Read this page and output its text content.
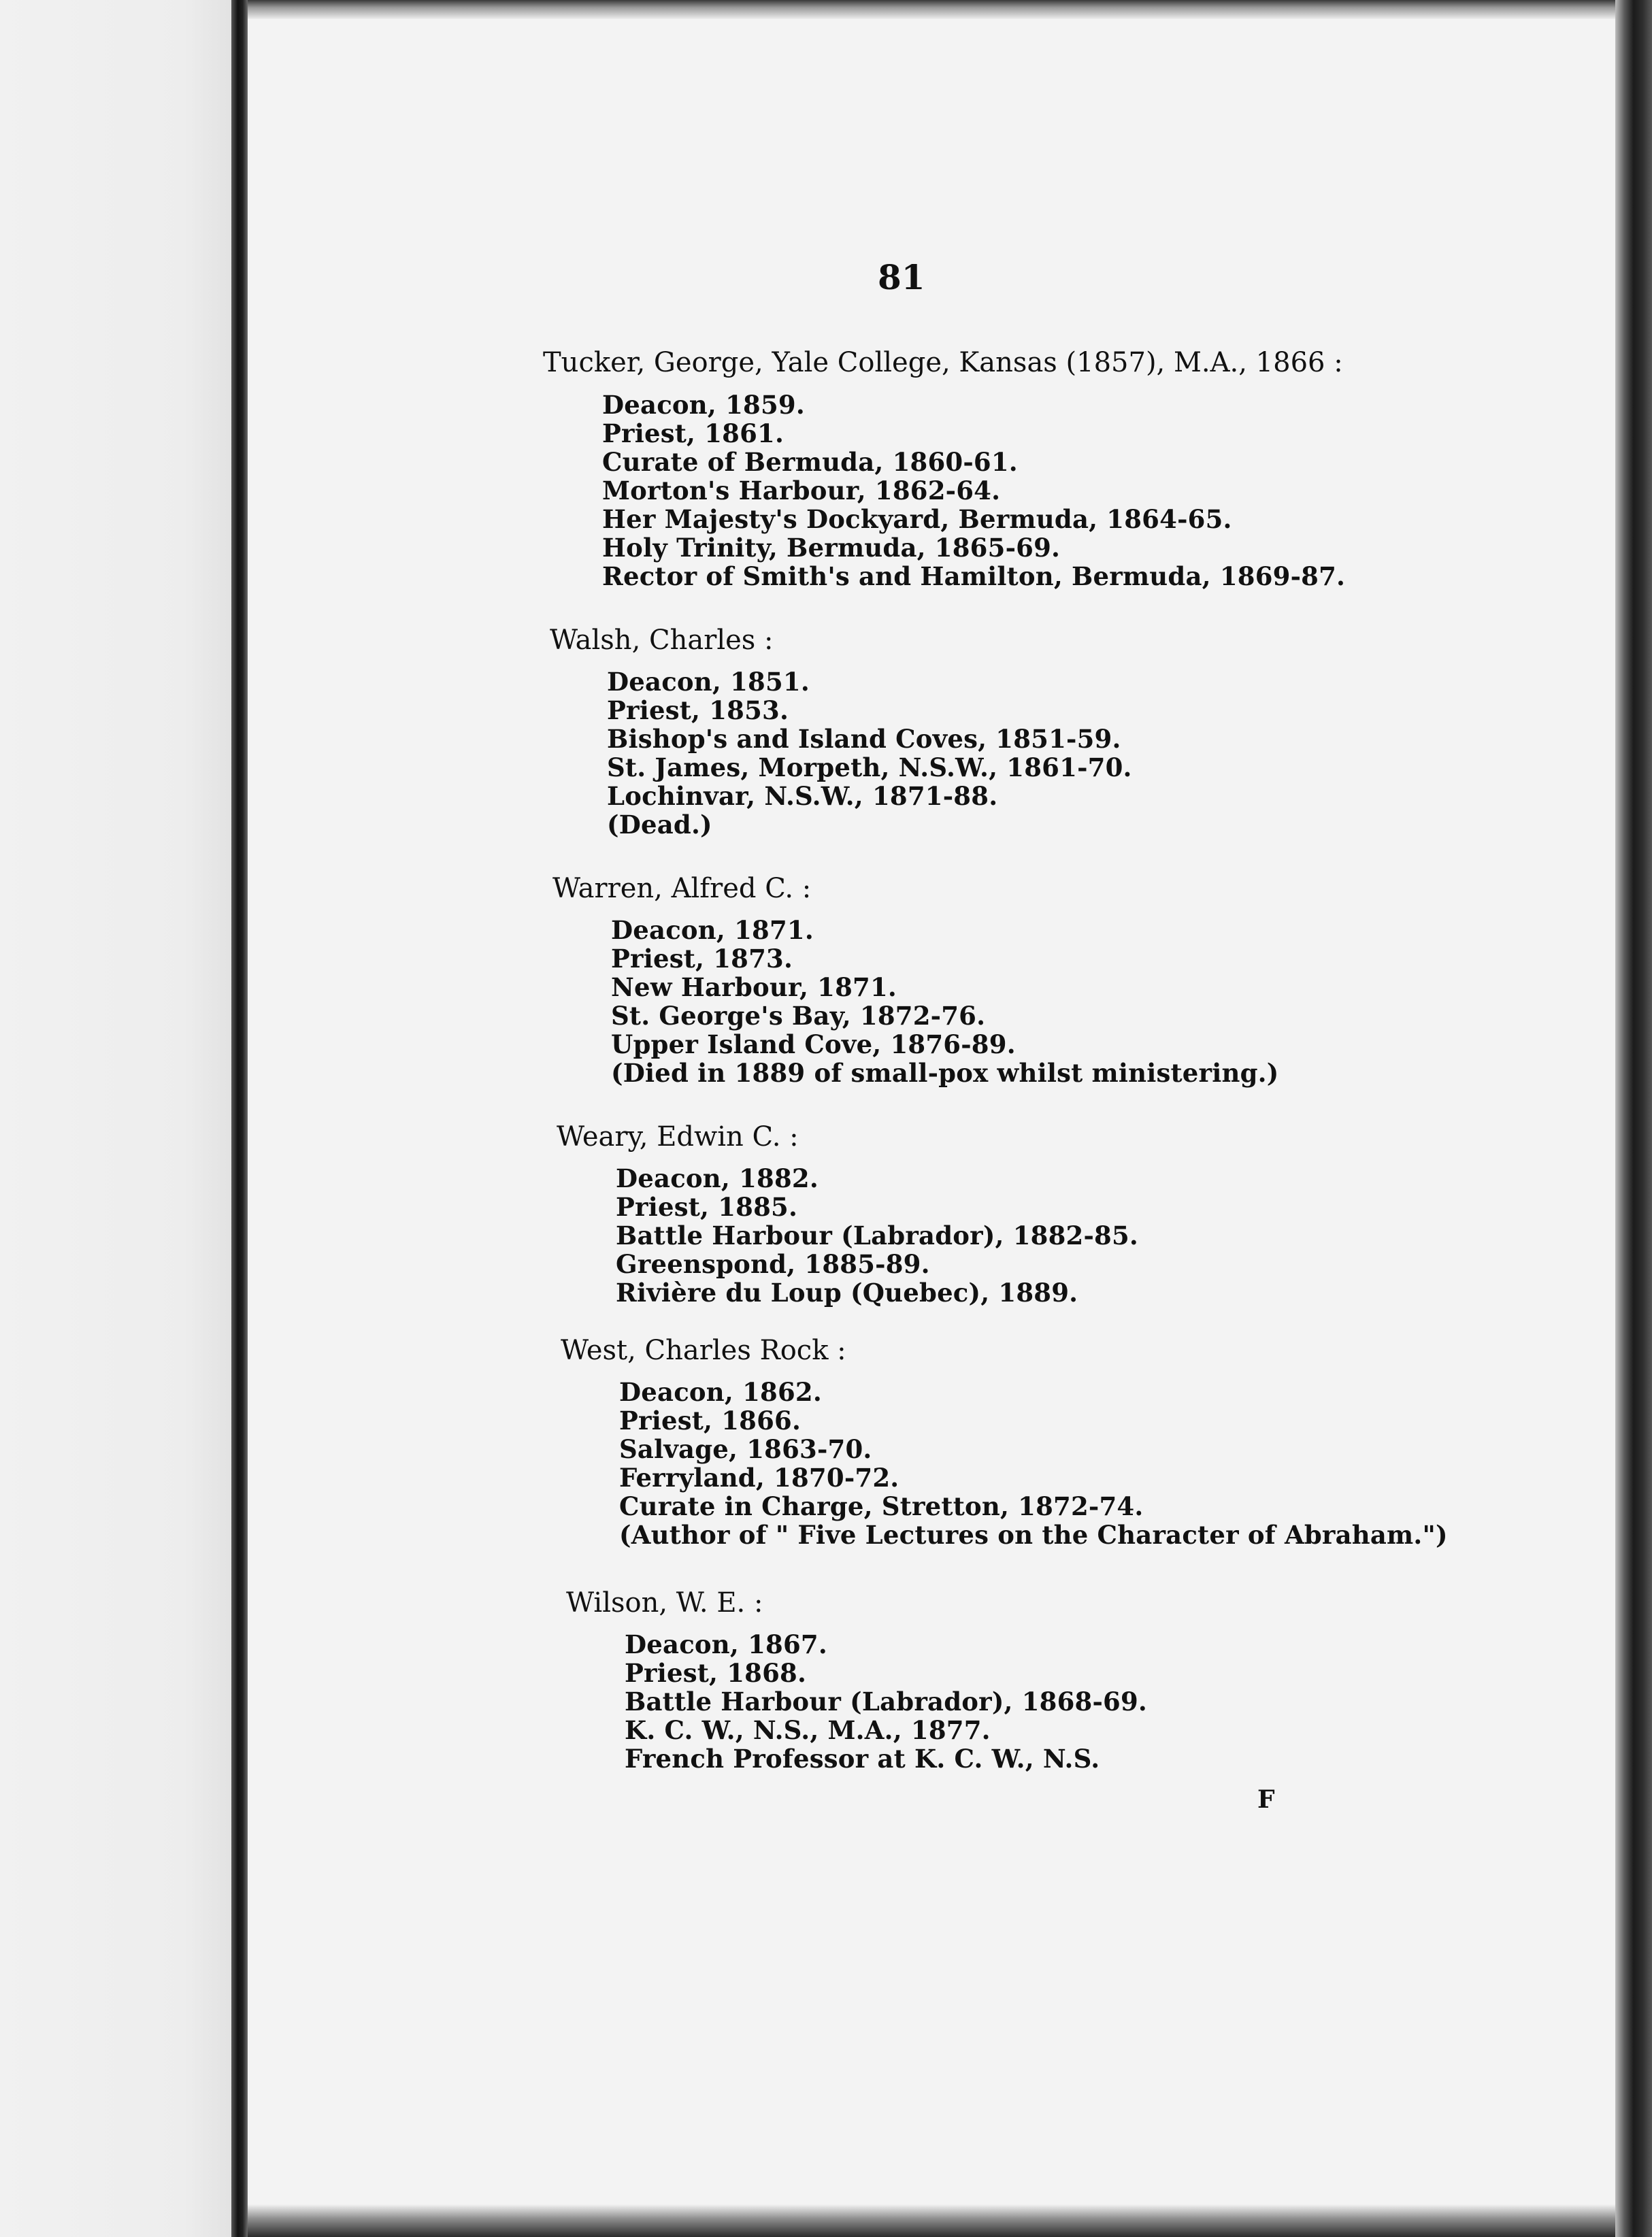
81
Tucker, George, Yale College, Kansas (1857), M.A., 1866 :
Deacon, 1859.
Priest, 1861.
Curate of Bermuda, 1860-61.
Morton's Harbour, 1862-64.
Her Majesty's Dockyard, Bermuda, 1864-65.
Holy Trinity, Bermuda, 1865-69.
Rector of Smith's and Hamilton, Bermuda, 1869-87.
Walsh, Charles :
Deacon, 1851.
Priest, 1853.
Bishop's and Island Coves, 1851-59.
St. James, Morpeth, N.S.W., 1861-70.
Lochinvar, N.S.W., 1871-88.
(Dead.)
Warren, Alfred C. :
Deacon, 1871.
Priest, 1873.
New Harbour, 1871.
St. George's Bay, 1872-76.
Upper Island Cove, 1876-89.
(Died in 1889 of small-pox whilst ministering.)
Weary, Edwin C. :
Deacon, 1882.
Priest, 1885.
Battle Harbour (Labrador), 1882-85.
Greenspond, 1885-89.
Rivière du Loup (Quebec), 1889.
West, Charles Rock :
Deacon, 1862.
Priest, 1866.
Salvage, 1863-70.
Ferryland, 1870-72.
Curate in Charge, Stretton, 1872-74.
(Author of " Five Lectures on the Character of Abraham.")
Wilson, W. E. :
Deacon, 1867.
Priest, 1868.
Battle Harbour (Labrador), 1868-69.
K. C. W., N.S., M.A., 1877.
French Professor at K. C. W., N.S.
F
